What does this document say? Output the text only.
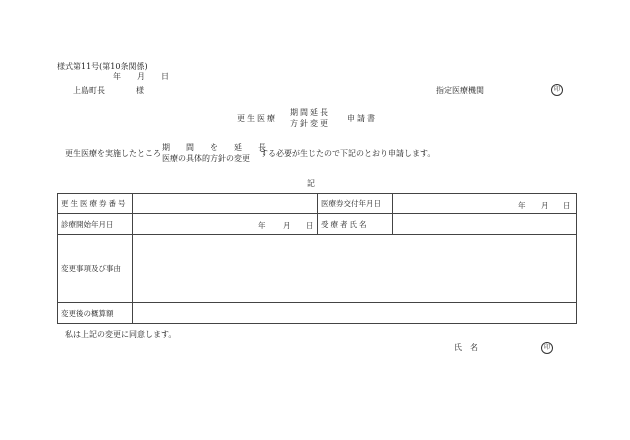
様式第11号(第10条関係)
年 月 日
上島町長	様	指定医療機関	印
更生医療
期間延長
方針変更
申請書
更生医療を実施したところ
期　　間　　を　　延　　長
医療の具体的方針の変更
する必要が生じたので下記のとおり申請します。
記
更生医療券番号		医療券交付年月日	年 月 日

診療開始年月日	年 月 日	受療者氏名	
変更事項及び事由			
変更後の概算額			
私は上記の変更に同意します。
氏　名	印
